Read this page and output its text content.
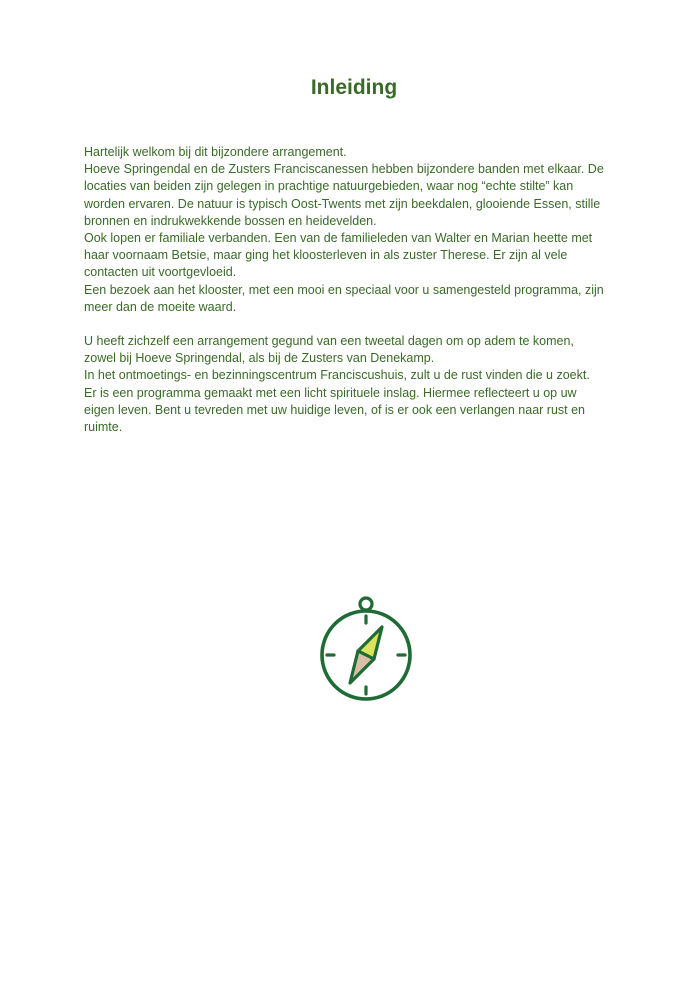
Inleiding
Hartelijk welkom bij dit bijzondere arrangement.
Hoeve Springendal en de Zusters Franciscanessen hebben bijzondere banden met elkaar. De
locaties van beiden zijn gelegen in prachtige natuurgebieden, waar nog “echte stilte” kan
worden ervaren. De natuur is typisch Oost-Twents met zijn beekdalen, glooiende Essen, stille
bronnen en indrukwekkende bossen en heidevelden.
Ook lopen er familiale verbanden. Een van de familieleden van Walter en Marian heette met
haar voornaam Betsie, maar ging het kloosterleven in als zuster Therese. Er zijn al vele
contacten uit voortgevloeid.
Een bezoek aan het klooster, met een mooi en speciaal voor u samengesteld programma, zijn
meer dan de moeite waard.
U heeft zichzelf een arrangement gegund van een tweetal dagen om op adem te komen,
zowel bij Hoeve Springendal, als bij de Zusters van Denekamp.
In het ontmoetings- en bezinningscentrum Franciscushuis, zult u de rust vinden die u zoekt.
Er is een programma gemaakt met een licht spirituele inslag. Hiermee reflecteert u op uw
eigen leven. Bent u tevreden met uw huidige leven, of is er ook een verlangen naar rust en
ruimte.
